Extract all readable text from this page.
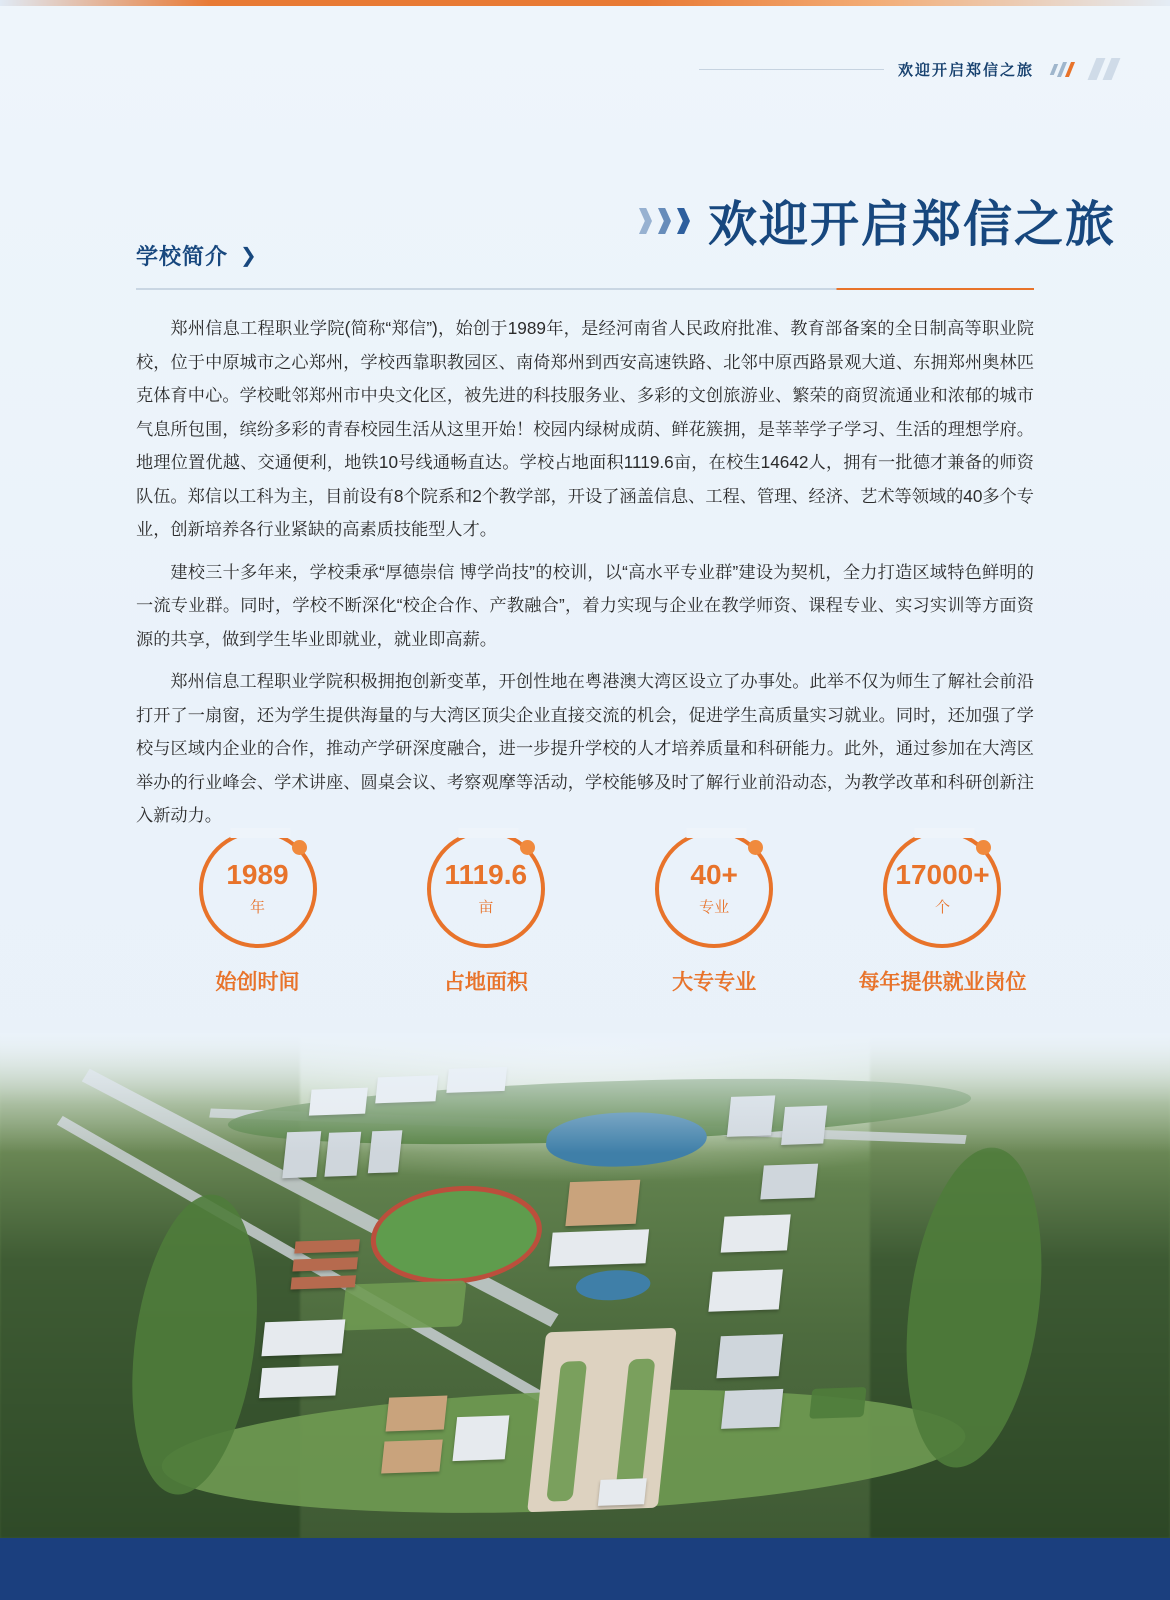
欢迎开启郑信之旅
欢迎开启郑信之旅
学校简介 ❯

郑州信息工程职业学院(简称“郑信”)，始创于1989年，是经河南省人民政府批准、教育部备案的全日制高等职业院校，位于中原城市之心郑州，学校西靠职教园区、南倚郑州到西安高速铁路、北邻中原西路景观大道、东拥郑州奥林匹克体育中心。学校毗邻郑州市中央文化区，被先进的科技服务业、多彩的文创旅游业、繁荣的商贸流通业和浓郁的城市气息所包围，缤纷多彩的青春校园生活从这里开始！校园内绿树成荫、鲜花簇拥，是莘莘学子学习、生活的理想学府。地理位置优越、交通便利，地铁10号线通畅直达。学校占地面积1119.6亩，在校生14642人，拥有一批德才兼备的师资队伍。郑信以工科为主，目前设有8个院系和2个教学部，开设了涵盖信息、工程、管理、经济、艺术等领域的40多个专业，创新培养各行业紧缺的高素质技能型人才。

建校三十多年来，学校秉承“厚德崇信 博学尚技”的校训，以“高水平专业群”建设为契机，全力打造区域特色鲜明的一流专业群。同时，学校不断深化“校企合作、产教融合”，着力实现与企业在教学师资、课程专业、实习实训等方面资源的共享，做到学生毕业即就业，就业即高薪。

郑州信息工程职业学院积极拥抱创新变革，开创性地在粤港澳大湾区设立了办事处。此举不仅为师生了解社会前沿打开了一扇窗，还为学生提供海量的与大湾区顶尖企业直接交流的机会，促进学生高质量实习就业。同时，还加强了学校与区域内企业的合作，推动产学研深度融合，进一步提升学校的人才培养质量和科研能力。此外，通过参加在大湾区举办的行业峰会、学术讲座、圆桌会议、考察观摩等活动，学校能够及时了解行业前沿动态，为教学改革和科研创新注入新动力。

1989
年
始创时间
1119.6
亩
占地面积
40+
专业
大专专业
17000+
个
每年提供就业岗位
